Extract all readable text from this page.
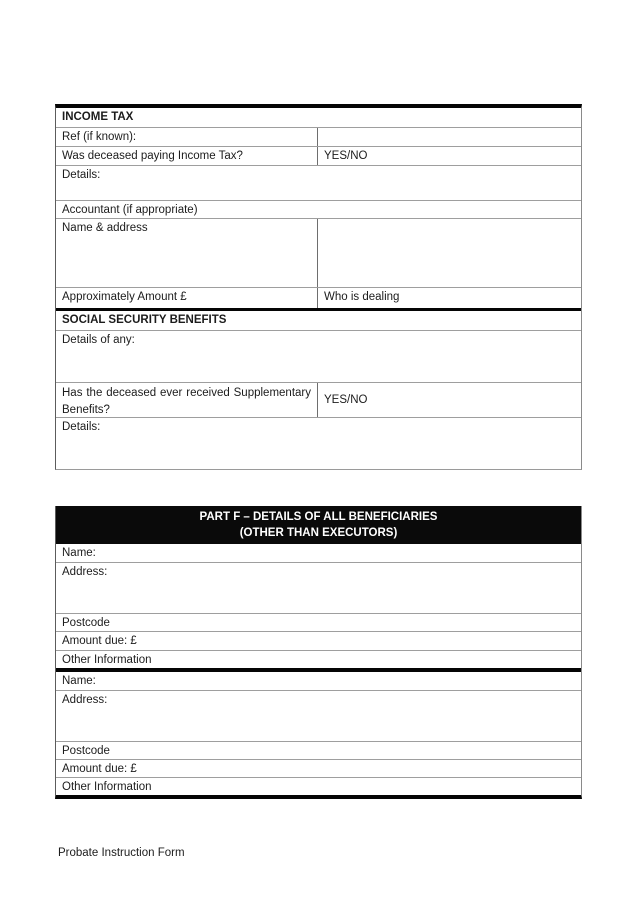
INCOME TAX
Ref (if known):
Was deceased paying Income Tax?	YES/NO
Details:
Accountant (if appropriate)
Name & address
Approximately Amount £	Who is dealing
SOCIAL SECURITY BENEFITS
Details of any:
Has the deceased ever received Supplementary Benefits?
YES/NO
Details:
PART F – DETAILS OF ALL BENEFICIARIES
(OTHER THAN EXECUTORS)
Name:
Address:
Postcode
Amount due: £
Other Information
Name:
Address:
Postcode
Amount due: £
Other Information
Probate Instruction Form
